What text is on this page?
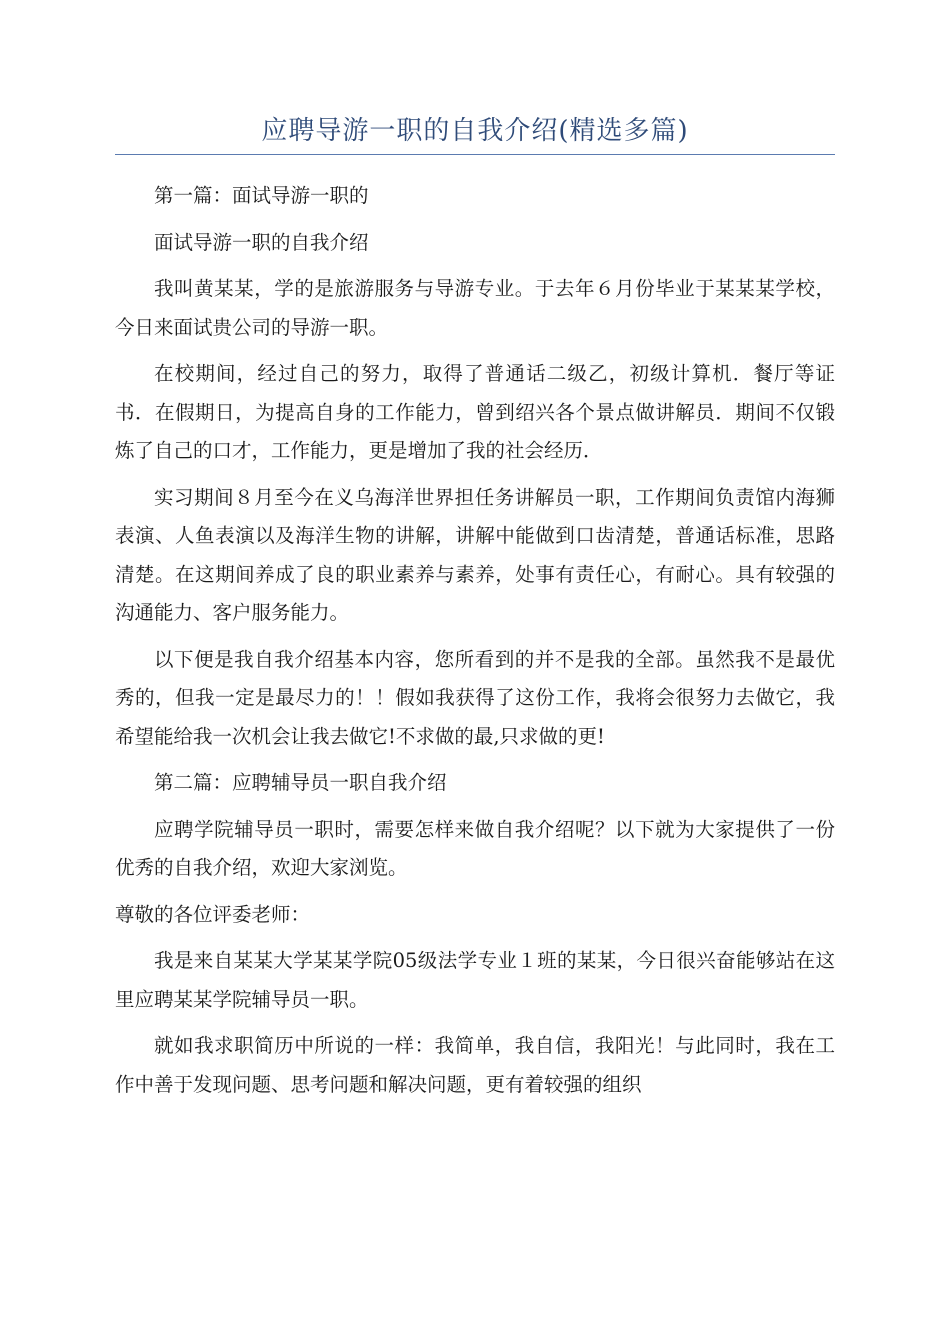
应聘导游一职的自我介绍(精选多篇)

第一篇：面试导游一职的

面试导游一职的自我介绍

我叫黄某某，学的是旅游服务与导游专业。于去年６月份毕业于某某某学校，今日来面试贵公司的导游一职。

在校期间，经过自己的努力，取得了普通话二级乙，初级计算机．餐厅等证书．在假期日，为提高自身的工作能力，曾到绍兴各个景点做讲解员．期间不仅锻炼了自己的口才，工作能力，更是增加了我的社会经历．

实习期间８月至今在义乌海洋世界担任务讲解员一职，工作期间负责馆内海狮表演、人鱼表演以及海洋生物的讲解，讲解中能做到口齿清楚，普通话标准，思路清楚。在这期间养成了良的职业素养与素养，处事有责任心，有耐心。具有较强的沟通能力、客户服务能力。

以下便是我自我介绍基本内容，您所看到的并不是我的全部。虽然我不是最优秀的，但我一定是最尽力的！！假如我获得了这份工作，我将会很努力去做它，我希望能给我一次机会让我去做它!不求做的最,只求做的更!

第二篇：应聘辅导员一职自我介绍

应聘学院辅导员一职时，需要怎样来做自我介绍呢？以下就为大家提供了一份优秀的自我介绍，欢迎大家浏览。

尊敬的各位评委老师：

我是来自某某大学某某学院05级法学专业１班的某某，今日很兴奋能够站在这里应聘某某学院辅导员一职。

就如我求职简历中所说的一样：我简单，我自信，我阳光！与此同时，我在工作中善于发现问题、思考问题和解决问题，更有着较强的组织
